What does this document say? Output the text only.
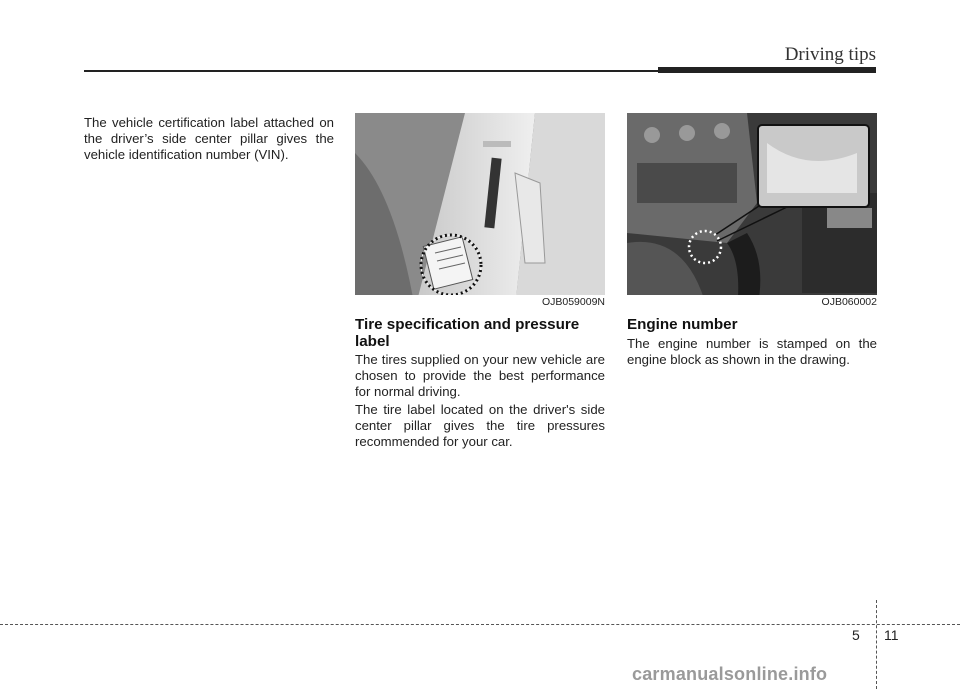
Driving tips

The vehicle certification label attached on the driver’s side center pillar gives the vehicle identification number (VIN).

OJB059009N
Tire specification and pressure label

The tires supplied on your new vehicle are chosen to provide the best performance for normal driving.

The tire label located on the driver's side center pillar gives the tire pressures recommended for your car.

OJB060002
Engine number

The engine number is stamped on the engine block as shown in the drawing.

5 11
carmanualsonline.info
